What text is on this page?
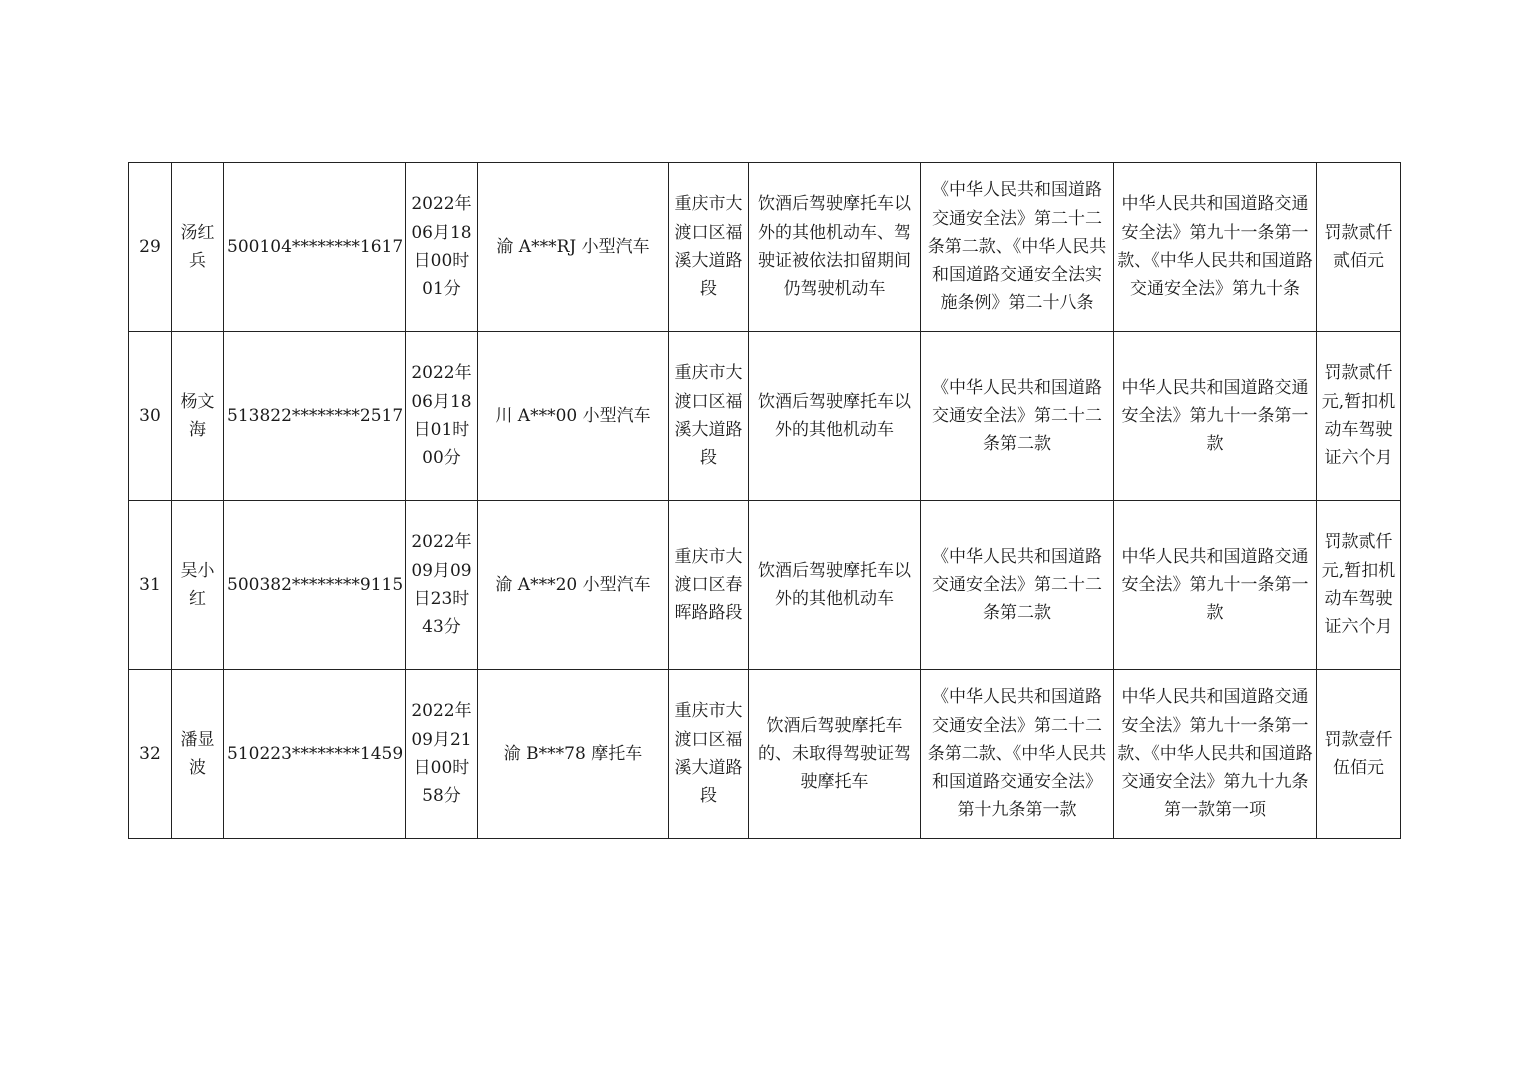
29	汤红兵	500104********1617	2022年06月18日00时01分	渝 A***RJ 小型汽车	重庆市大渡口区福溪大道路段	饮酒后驾驶摩托车以外的其他机动车、驾驶证被依法扣留期间仍驾驶机动车	《中华人民共和国道路交通安全法》第二十二条第二款、《中华人民共和国道路交通安全法实施条例》第二十八条	中华人民共和国道路交通安全法》第九十一条第一款、《中华人民共和国道路交通安全法》第九十条	罚款贰仟贰佰元
30	杨文海	513822********2517	2022年06月18日01时00分	川 A***00 小型汽车	重庆市大渡口区福溪大道路段	饮酒后驾驶摩托车以外的其他机动车	《中华人民共和国道路交通安全法》第二十二条第二款	中华人民共和国道路交通安全法》第九十一条第一款	罚款贰仟元,暂扣机动车驾驶证六个月
31	吴小红	500382********9115	2022年09月09日23时43分	渝 A***20 小型汽车	重庆市大渡口区春晖路路段	饮酒后驾驶摩托车以外的其他机动车	《中华人民共和国道路交通安全法》第二十二条第二款	中华人民共和国道路交通安全法》第九十一条第一款	罚款贰仟元,暂扣机动车驾驶证六个月
32	潘显波	510223********1459	2022年09月21日00时58分	渝 B***78 摩托车	重庆市大渡口区福溪大道路段	饮酒后驾驶摩托车的、未取得驾驶证驾驶摩托车	《中华人民共和国道路交通安全法》第二十二条第二款、《中华人民共和国道路交通安全法》第十九条第一款	中华人民共和国道路交通安全法》第九十一条第一款、《中华人民共和国道路交通安全法》第九十九条第一款第一项	罚款壹仟伍佰元
